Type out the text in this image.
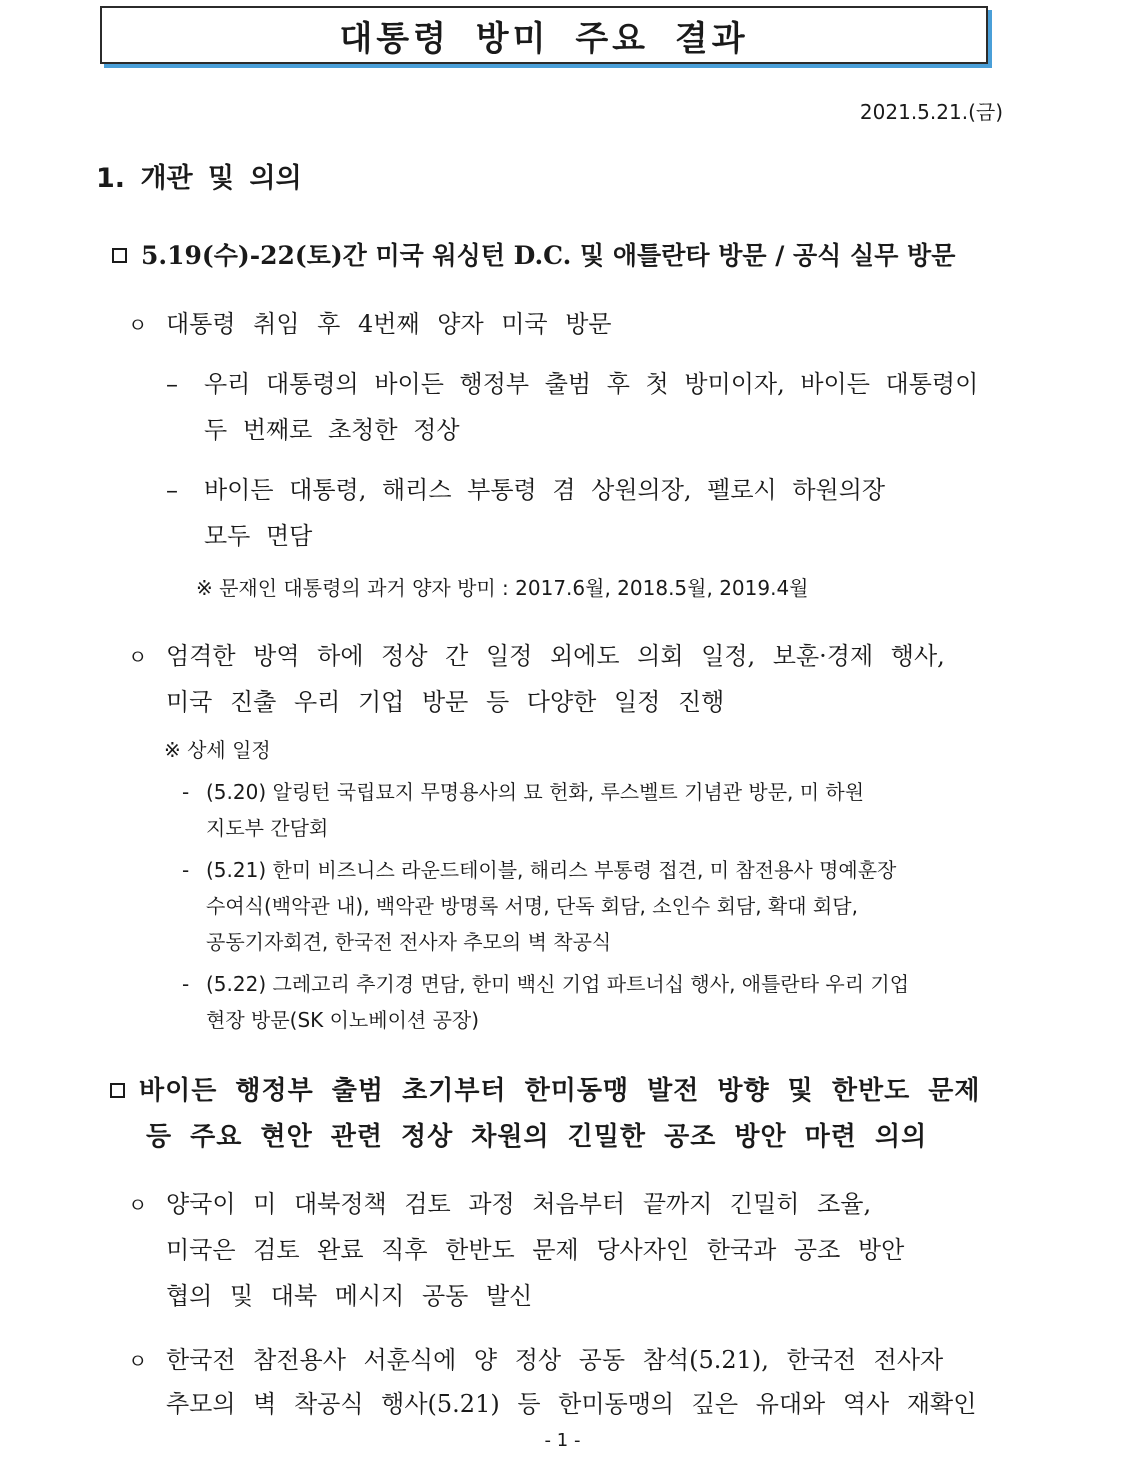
대통령 방미 주요 결과
2021.5.21.(금)
1. 개관 및 의의
5.19(수)-22(토)간 미국 워싱턴 D.C. 및 애틀란타 방문 / 공식 실무 방문
ㅇ 대통령 취임 후 4번째 양자 미국 방문
– 우리 대통령의 바이든 행정부 출범 후 첫 방미이자, 바이든 대통령이
두 번째로 초청한 정상
– 바이든 대통령, 해리스 부통령 겸 상원의장, 펠로시 하원의장
모두 면담
※ 문재인 대통령의 과거 양자 방미 : 2017.6월, 2018.5월, 2019.4월
ㅇ 엄격한 방역 하에 정상 간 일정 외에도 의회 일정, 보훈·경제 행사,
미국 진출 우리 기업 방문 등 다양한 일정 진행
※ 상세 일정
- (5.20) 알링턴 국립묘지 무명용사의 묘 헌화, 루스벨트 기념관 방문, 미 하원
지도부 간담회
- (5.21) 한미 비즈니스 라운드테이블, 해리스 부통령 접견, 미 참전용사 명예훈장
수여식(백악관 내), 백악관 방명록 서명, 단독 회담, 소인수 회담, 확대 회담,
공동기자회견, 한국전 전사자 추모의 벽 착공식
- (5.22) 그레고리 추기경 면담, 한미 백신 기업 파트너십 행사, 애틀란타 우리 기업
현장 방문(SK 이노베이션 공장)
바이든 행정부 출범 초기부터 한미동맹 발전 방향 및 한반도 문제
등 주요 현안 관련 정상 차원의 긴밀한 공조 방안 마련 의의
ㅇ 양국이 미 대북정책 검토 과정 처음부터 끝까지 긴밀히 조율,
미국은 검토 완료 직후 한반도 문제 당사자인 한국과 공조 방안
협의 및 대북 메시지 공동 발신
ㅇ 한국전 참전용사 서훈식에 양 정상 공동 참석(5.21), 한국전 전사자
추모의 벽 착공식 행사(5.21) 등 한미동맹의 깊은 유대와 역사 재확인
- 1 -
